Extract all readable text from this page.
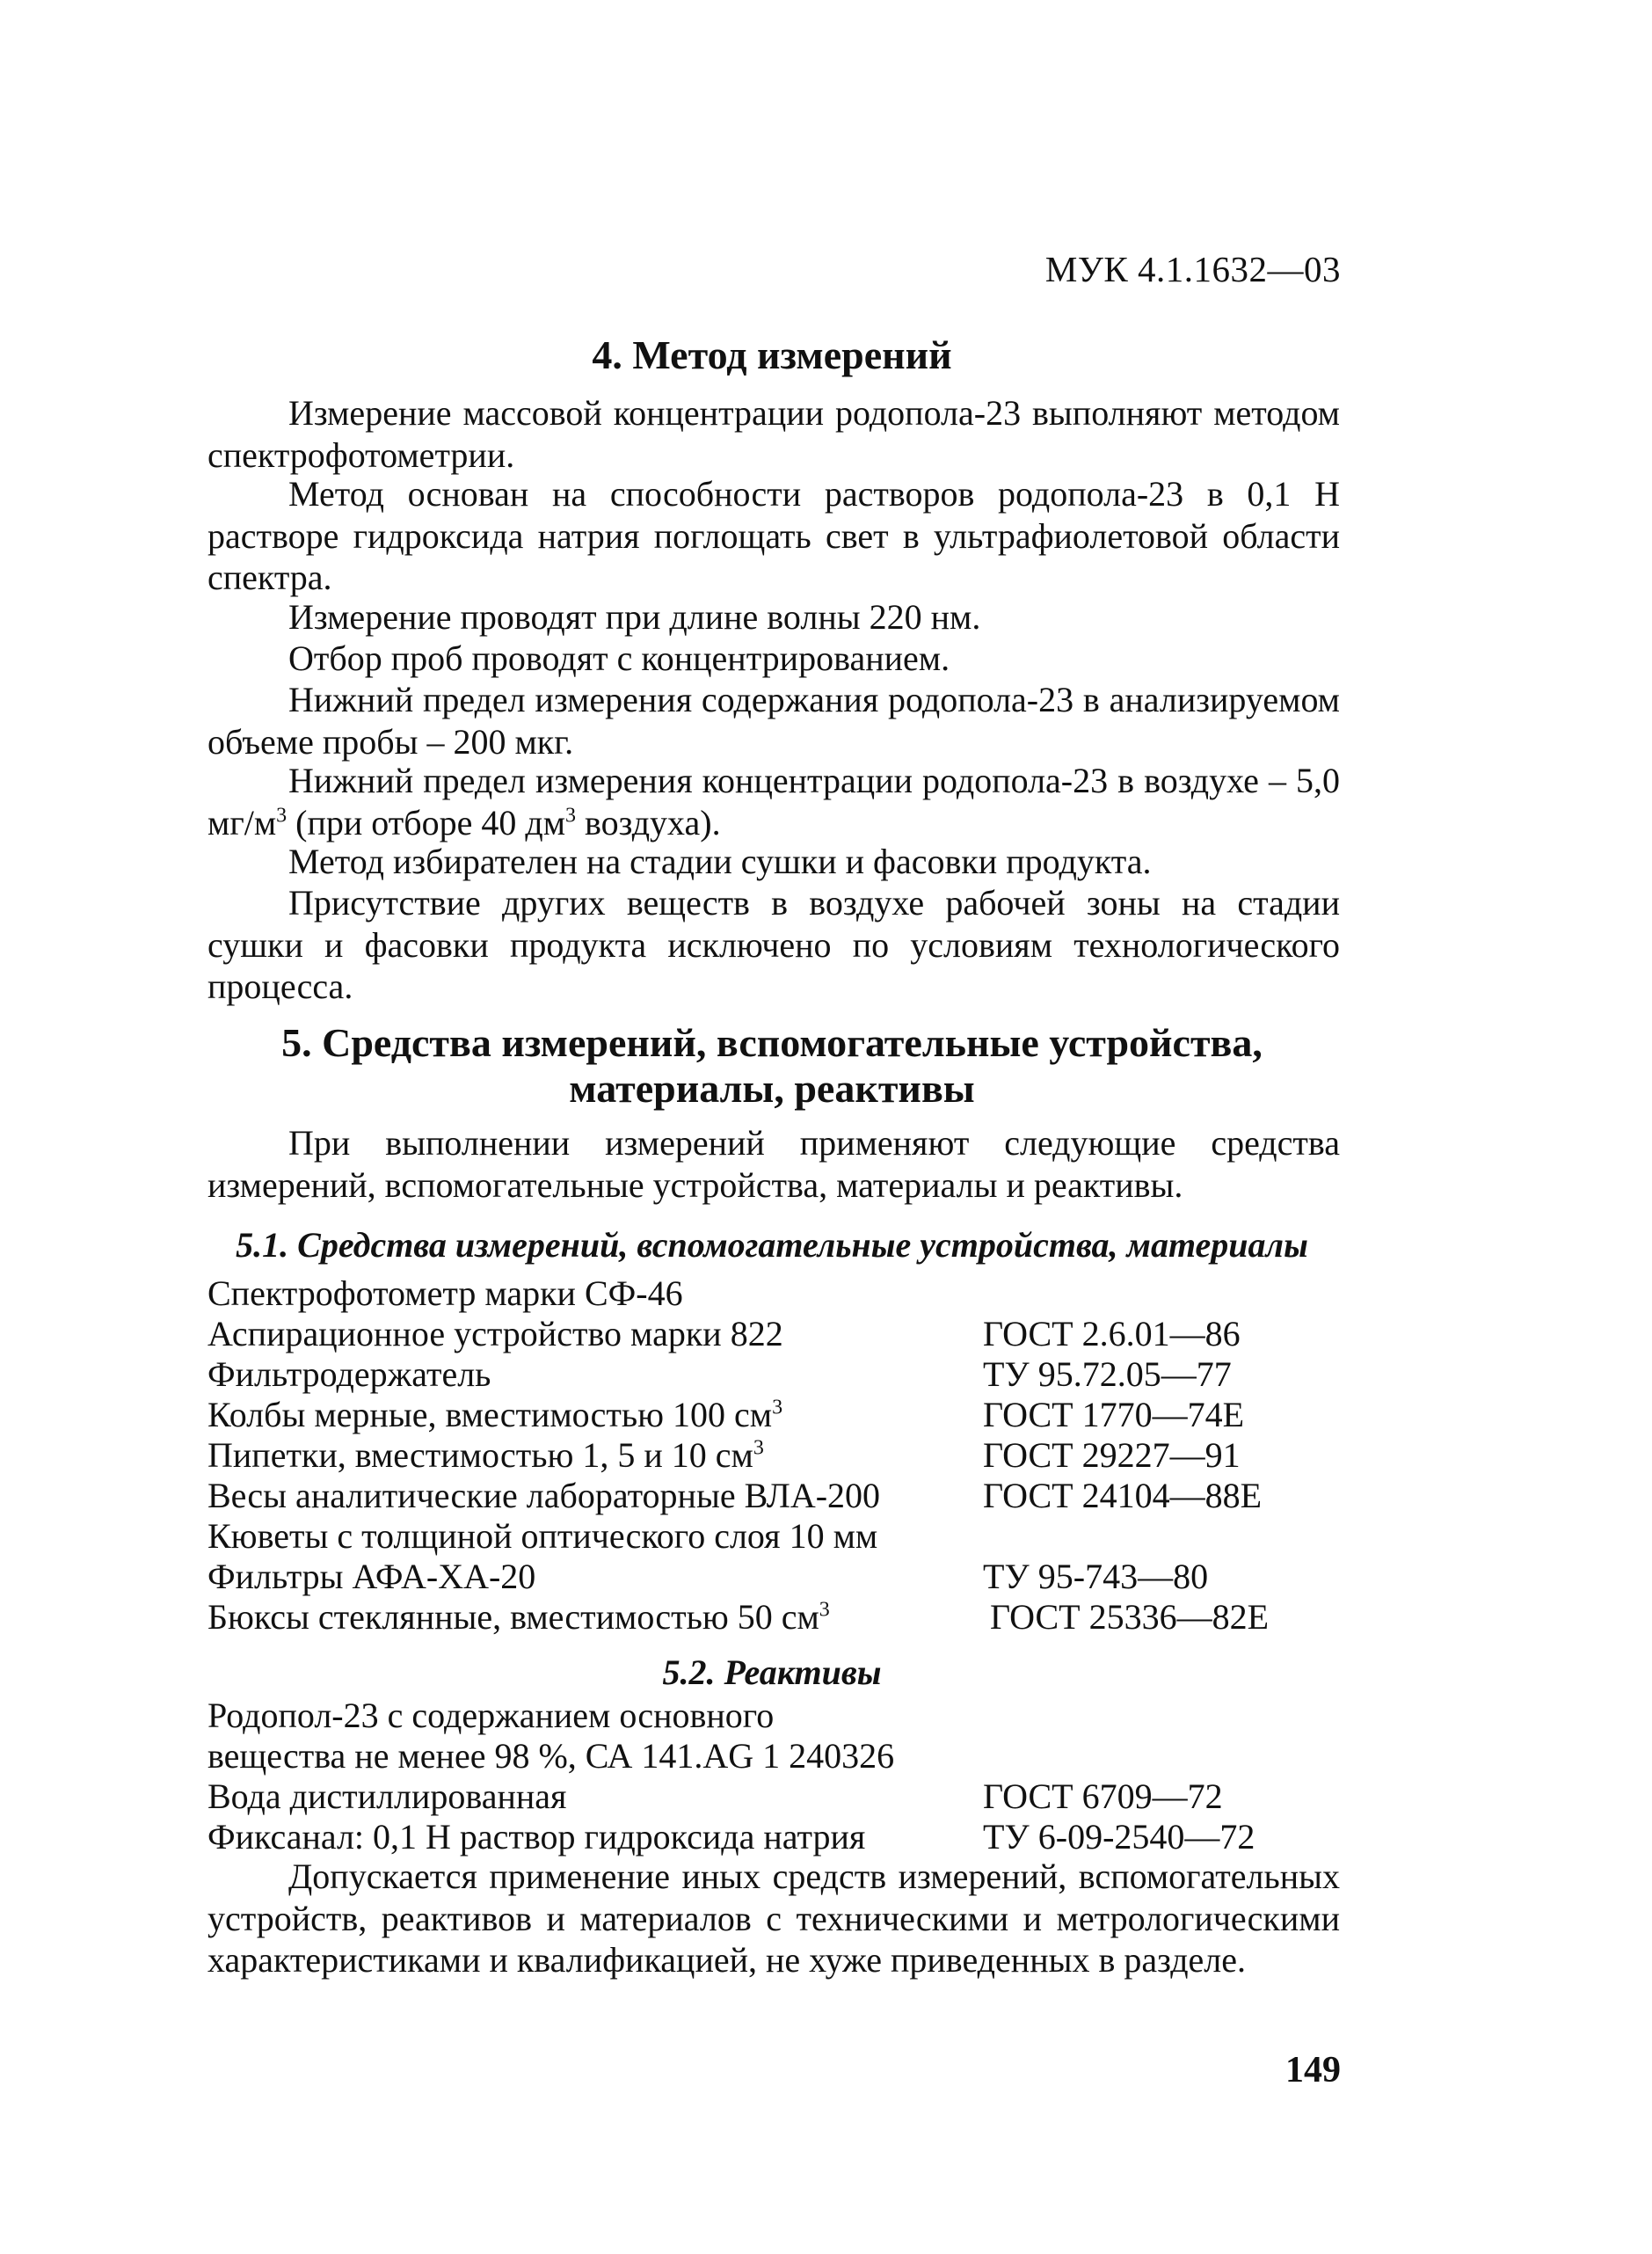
МУК 4.1.1632—03
4. Метод измерений

Измерение массовой концентрации родопола-23 выполняют методом спектрофотометрии.

Метод основан на способности растворов родопола-23 в 0,1 Н растворе гидроксида натрия поглощать свет в ультрафиолетовой области спектра.

Измерение проводят при длине волны 220 нм.

Отбор проб проводят с концентрированием.

Нижний предел измерения содержания родопола-23 в анализируемом объеме пробы – 200 мкг.

Нижний предел измерения концентрации родопола-23 в воздухе – 5,0 $мг/м^3$ (при отборе 40 $дм^3$ воздуха).

Метод избирателен на стадии сушки и фасовки продукта.

Присутствие других веществ в воздухе рабочей зоны на стадии сушки и фасовки продукта исключено по условиям технологического процесса.

5. Средства измерений, вспомогательные устройства,
материалы, реактивы

При выполнении измерений применяют следующие средства измерений, вспомогательные устройства, материалы и реактивы.

5.1. Средства измерений, вспомогательные устройства, материалы
Спектрофотометр марки СФ-46
Аспирационное устройство марки 822	ГОСТ 2.6.01—86
Фильтродержатель	ТУ 95.72.05—77
Колбы мерные, вместимостью 100 $см^3$	ГОСТ 1770—74Е
Пипетки, вместимостью 1, 5 и 10 $см^3$	ГОСТ 29227—91
Весы аналитические лабораторные ВЛА-200	ГОСТ 24104—88Е
Кюветы с толщиной оптического слоя 10 мм
Фильтры АФА-ХА-20	ТУ 95-743—80
Бюксы стеклянные, вместимостью 50 $см^3$	ГОСТ 25336—82Е
5.2. Реактивы
Родопол-23 с содержанием основного
вещества не менее 98 %, СА 141.AG 1 240326
Вода дистиллированная	ГОСТ 6709—72
Фиксанал: 0,1 Н раствор гидроксида натрия	ТУ 6-09-2540—72

Допускается применение иных средств измерений, вспомогательных устройств, реактивов и материалов с техническими и метрологическими характеристиками и квалификацией, не хуже приведенных в разделе.

149
